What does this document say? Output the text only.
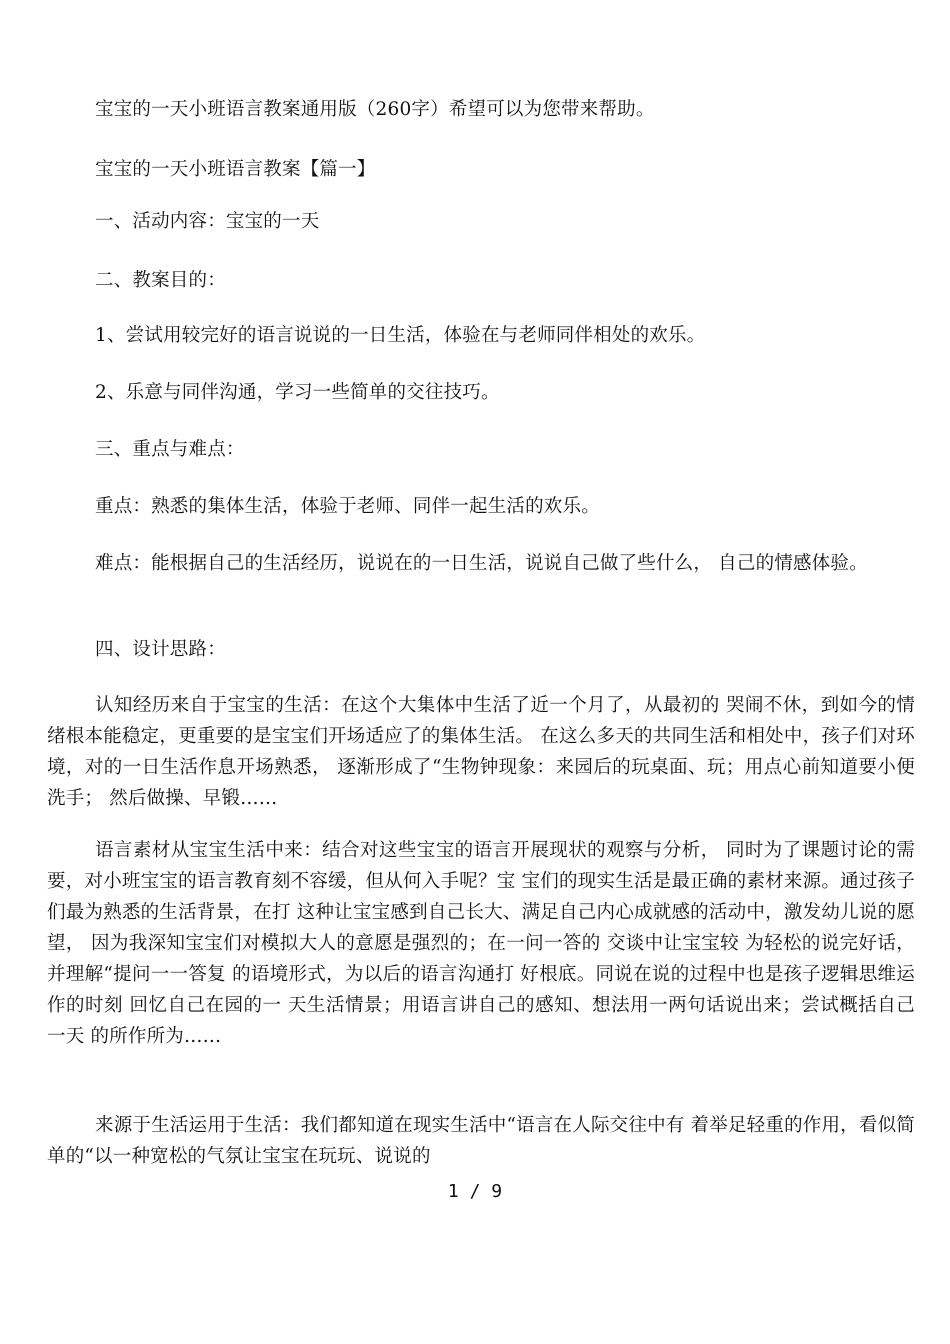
宝宝的一天小班语言教案通用版（260字）希望可以为您带来帮助。

宝宝的一天小班语言教案【篇一】

一、活动内容：宝宝的一天

二、教案目的：

1、尝试用较完好的语言说说的一日生活，体验在与老师同伴相处的欢乐。

2、乐意与同伴沟通，学习一些简单的交往技巧。

三、重点与难点：

重点：熟悉的集体生活，体验于老师、同伴一起生活的欢乐。

难点：能根据自己的生活经历，说说在的一日生活，说说自己做了些什么， 自己的情感体验。

四、设计思路：

认知经历来自于宝宝的生活：在这个大集体中生活了近一个月了，从最初的 哭闹不休，到如今的情绪根本能稳定，更重要的是宝宝们开场适应了的集体生活。 在这么多天的共同生活和相处中，孩子们对环境，对的一日生活作息开场熟悉， 逐渐形成了“生物钟现象：来园后的玩桌面、玩；用点心前知道要小便洗手； 然后做操、早锻……

语言素材从宝宝生活中来：结合对这些宝宝的语言开展现状的观察与分析， 同时为了课题讨论的需要，对小班宝宝的语言教育刻不容缓，但从何入手呢？宝 宝们的现实生活是最正确的素材来源。通过孩子们最为熟悉的生活背景，在打 这种让宝宝感到自己长大、满足自己内心成就感的活动中，激发幼儿说的愿望， 因为我深知宝宝们对模拟大人的意愿是强烈的；在一问一答的 交谈中让宝宝较 为轻松的说完好话，并理解“提问一一答复 的语境形式，为以后的语言沟通打 好根底。同说在说的过程中也是孩子逻辑思维运作的时刻 回忆自己在园的一 天生活情景；用语言讲自己的感知、想法用一两句话说出来；尝试概括自己一天 的所作所为……

来源于生活运用于生活：我们都知道在现实生活中“语言在人际交往中有 着举足轻重的作用，看似简单的“以一种宽松的气氛让宝宝在玩玩、说说的

1 / 9
